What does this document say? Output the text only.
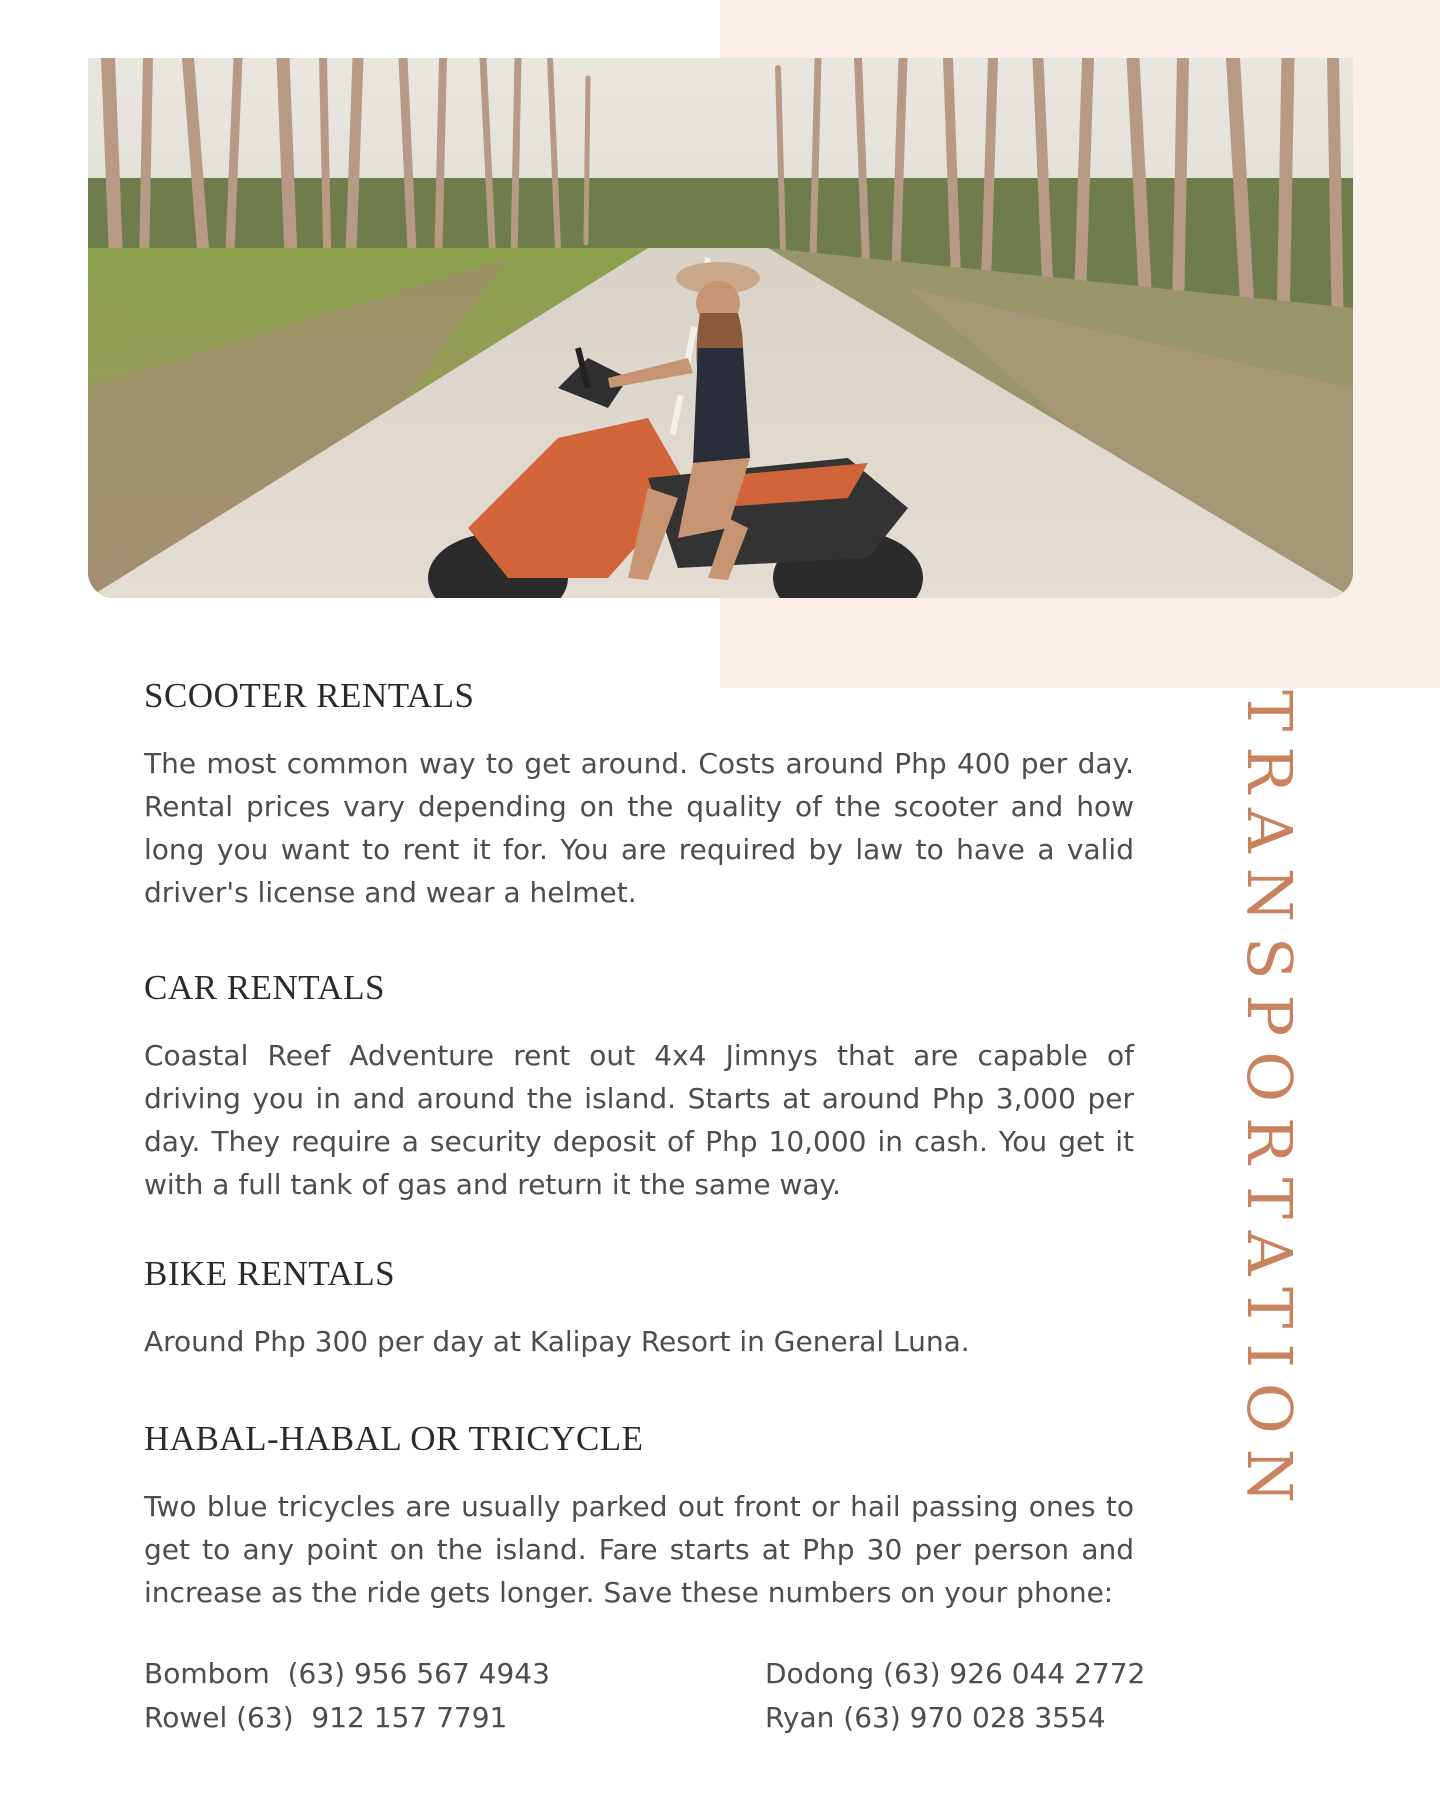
TRANSPORTATION
SCOOTER RENTALS

The most common way to get around. Costs around Php 400 per day. Rental prices vary depending on the quality of the scooter and how long you want to rent it for. You are required by law to have a valid driver's license and wear a helmet.

CAR RENTALS

Coastal Reef Adventure rent out 4x4 Jimnys that are capable of driving you in and around the island. Starts at around Php 3,000 per day. They require a security deposit of Php 10,000 in cash. You get it with a full tank of gas and return it the same way.

BIKE RENTALS

Around Php 300 per day at Kalipay Resort in General Luna.

HABAL-HABAL OR TRICYCLE

Two blue tricycles are usually parked out front or hail passing ones to get to any point on the island. Fare starts at Php 30 per person and increase as the ride gets longer. Save these numbers on your phone:

Bombom  (63) 956 567 4943
Rowel (63)  912 157 7791
Dodong (63) 926 044 2772
Ryan (63) 970 028 3554
